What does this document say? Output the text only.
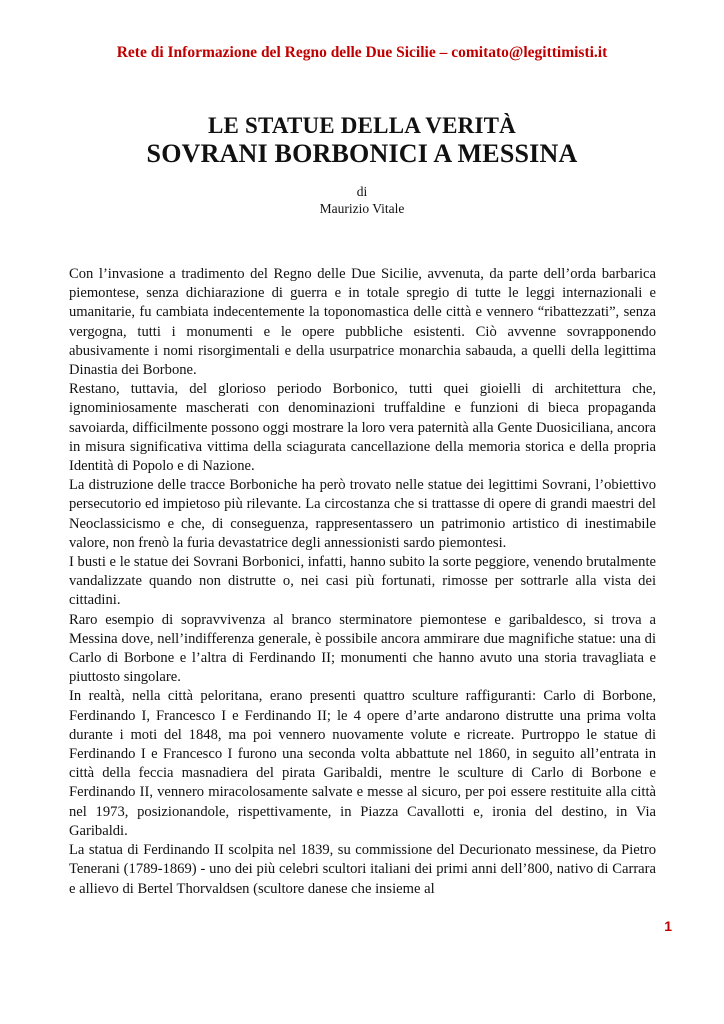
Rete di Informazione del Regno delle Due Sicilie – comitato@legittimisti.it
LE STATUE DELLA VERITÀ
SOVRANI BORBONICI A MESSINA
di
Maurizio Vitale

Con l’invasione a tradimento del Regno delle Due Sicilie, avvenuta, da parte dell’orda barbarica piemontese, senza dichiarazione di guerra e in totale spregio di tutte le leggi internazionali e umanitarie, fu cambiata indecentemente la toponomastica delle città e vennero “ribattezzati”, senza vergogna, tutti i monumenti e le opere pubbliche esistenti. Ciò avvenne sovrapponendo abusivamente i nomi risorgimentali e della usurpatrice monarchia sabauda, a quelli della legittima Dinastia dei Borbone.

Restano, tuttavia, del glorioso periodo Borbonico, tutti quei gioielli di architettura che, ignominiosamente mascherati con denominazioni truffaldine e funzioni di bieca propaganda savoiarda, difficilmente possono oggi mostrare la loro vera paternità alla Gente Duosiciliana, ancora in misura significativa vittima della sciagurata cancellazione della memoria storica e della propria Identità di Popolo e di Nazione.

La distruzione delle tracce Borboniche ha però trovato nelle statue dei legittimi Sovrani, l’obiettivo persecutorio ed impietoso più rilevante. La circostanza che si trattasse di opere di grandi maestri del Neoclassicismo e che, di conseguenza, rappresentassero un patrimonio artistico di inestimabile valore, non frenò la furia devastatrice degli annessionisti sardo piemontesi.

I busti e le statue dei Sovrani Borbonici, infatti, hanno subito la sorte peggiore, venendo brutalmente vandalizzate quando non distrutte o, nei casi più fortunati, rimosse per sottrarle alla vista dei cittadini.

Raro esempio di sopravvivenza al branco sterminatore piemontese e garibaldesco, si trova a Messina dove, nell’indifferenza generale, è possibile ancora ammirare due magnifiche statue: una di Carlo di Borbone e l’altra di Ferdinando II; monumenti che hanno avuto una storia travagliata e piuttosto singolare.

In realtà, nella città peloritana, erano presenti quattro sculture raffiguranti: Carlo di Borbone, Ferdinando I, Francesco I e Ferdinando II; le 4 opere d’arte andarono distrutte una prima volta durante i moti del 1848, ma poi vennero nuovamente volute e ricreate. Purtroppo le statue di Ferdinando I e Francesco I furono una seconda volta abbattute nel 1860, in seguito all’entrata in città della feccia masnadiera del pirata Garibaldi, mentre le sculture di Carlo di Borbone e Ferdinando II, vennero miracolosamente salvate e messe al sicuro, per poi essere restituite alla città nel 1973, posizionandole, rispettivamente, in Piazza Cavallotti e, ironia del destino, in Via Garibaldi.

La statua di Ferdinando II scolpita nel 1839, su commissione del Decurionato messinese, da Pietro Tenerani (1789-1869) - uno dei più celebri scultori italiani dei primi anni dell’800, nativo di Carrara e allievo di Bertel Thorvaldsen (scultore danese che insieme al

1
